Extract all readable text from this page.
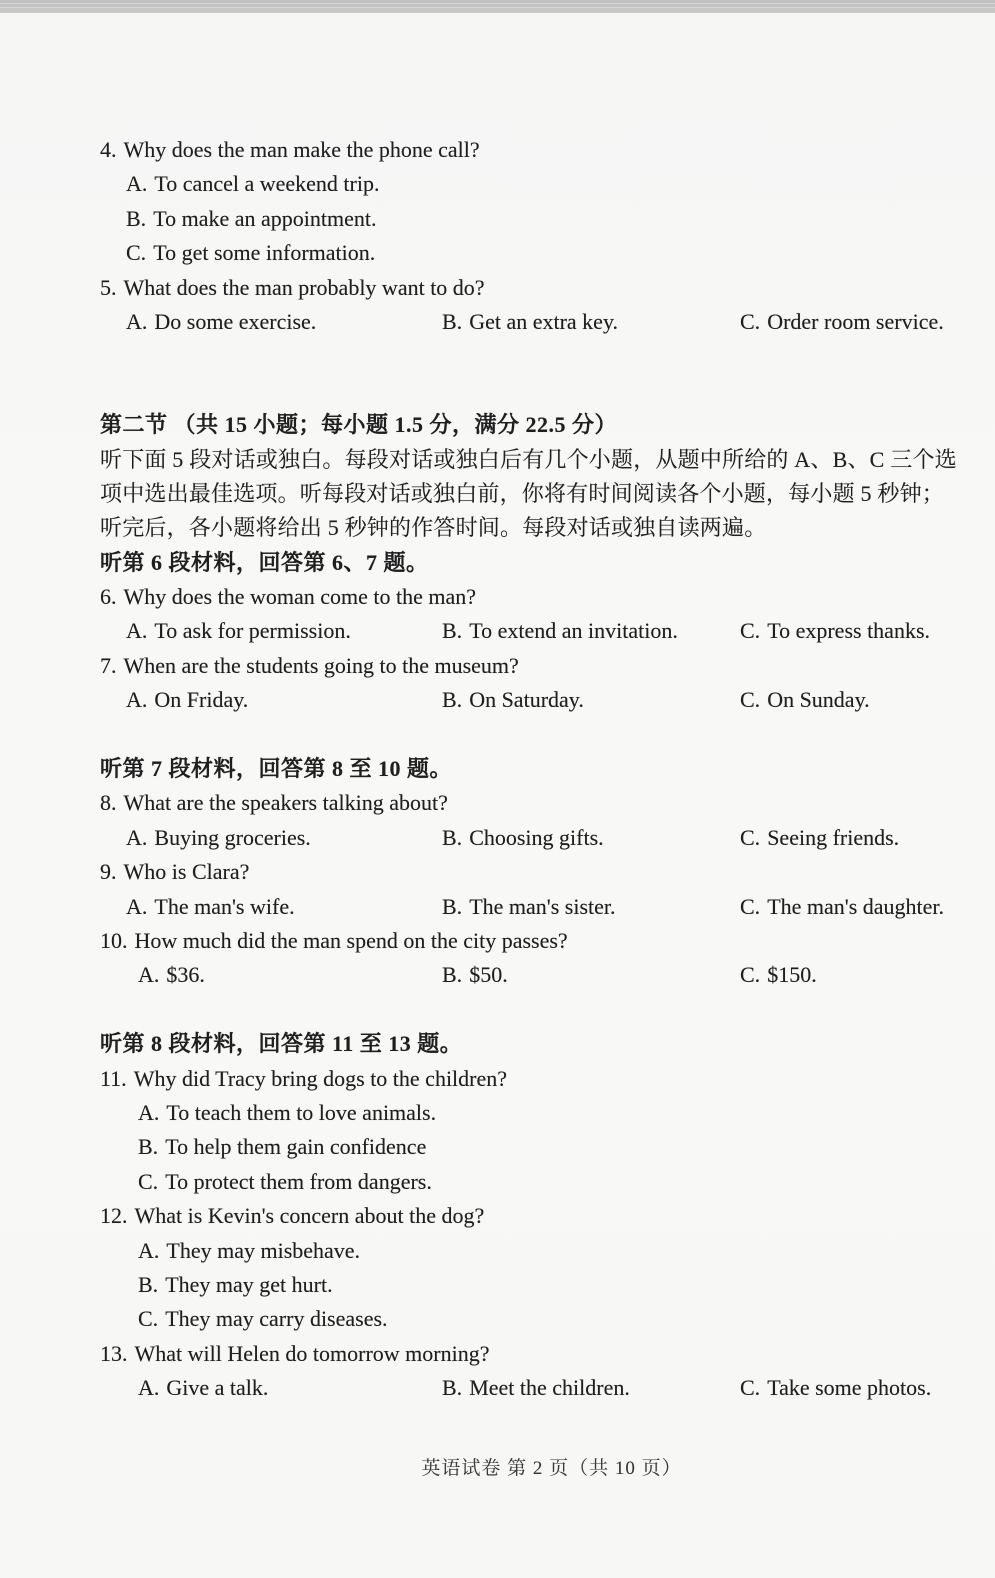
4. Why does the man make the phone call?
A. To cancel a weekend trip.
B. To make an appointment.
C. To get some information.
5. What does the man probably want to do?
A. Do some exercise.	B. Get an extra key.	C. Order room service.
第二节 （共 15 小题；每小题 1.5 分，满分 22.5 分）
听下面 5 段对话或独白。每段对话或独白后有几个小题，从题中所给的 A、B、C 三个选
项中选出最佳选项。听每段对话或独白前，你将有时间阅读各个小题，每小题 5 秒钟；
听完后，各小题将给出 5 秒钟的作答时间。每段对话或独自读两遍。
听第 6 段材料，回答第 6、7 题。
6. Why does the woman come to the man?
A. To ask for permission.	B. To extend an invitation.	C. To express thanks.
7. When are the students going to the museum?
A. On Friday.	B. On Saturday.	C. On Sunday.
听第 7 段材料，回答第 8 至 10 题。
8. What are the speakers talking about?
A. Buying groceries.	B. Choosing gifts.	C. Seeing friends.
9. Who is Clara?
A. The man's wife.	B. The man's sister.	C. The man's daughter.
10. How much did the man spend on the city passes?
A. $36.	B. $50.	C. $150.
听第 8 段材料，回答第 11 至 13 题。
11. Why did Tracy bring dogs to the children?
A. To teach them to love animals.
B. To help them gain confidence
C. To protect them from dangers.
12. What is Kevin's concern about the dog?
A. They may misbehave.
B. They may get hurt.
C. They may carry diseases.
13. What will Helen do tomorrow morning?
A. Give a talk.	B. Meet the children.	C. Take some photos.
英语试卷 第 2 页（共 10 页）
